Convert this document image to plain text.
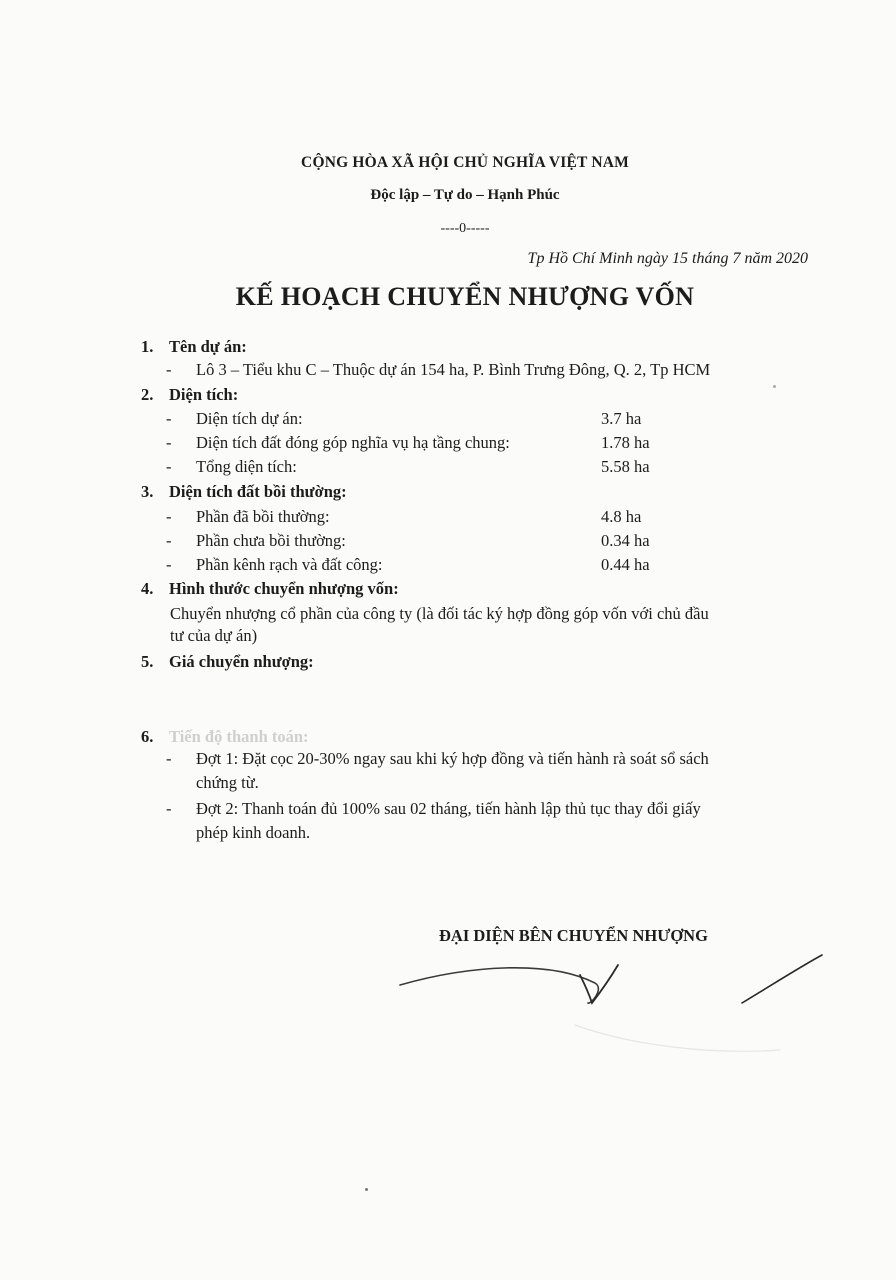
CỘNG HÒA XÃ HỘI CHỦ NGHĨA VIỆT NAM
Độc lập – Tự do – Hạnh Phúc
----0-----
Tp Hồ Chí Minh ngày 15 tháng 7 năm 2020
KẾ HOẠCH CHUYỂN NHƯỢNG VỐN
1. Tên dự án:
- Lô 3 – Tiểu khu C – Thuộc dự án 154 ha, P. Bình Trưng Đông, Q. 2, Tp HCM
2. Diện tích:
- Diện tích dự án:	3.7 ha
- Diện tích đất đóng góp nghĩa vụ hạ tầng chung:	1.78 ha
- Tổng diện tích:	5.58 ha
3. Diện tích đất bồi thường:
- Phần đã bồi thường:	4.8 ha
- Phần chưa bồi thường:	0.34 ha
- Phần kênh rạch và đất công:	0.44 ha
4. Hình thước chuyển nhượng vốn:
Chuyển nhượng cổ phần của công ty (là đối tác ký hợp đồng góp vốn với chủ đầu
tư của dự án)
5. Giá chuyển nhượng:
6. Tiến độ thanh toán:
- Đợt 1: Đặt cọc 20-30% ngay sau khi ký hợp đồng và tiến hành rà soát sổ sách
chứng từ.
- Đợt 2: Thanh toán đủ 100% sau 02 tháng, tiến hành lập thủ tục thay đổi giấy
phép kinh doanh.
ĐẠI DIỆN BÊN CHUYỂN NHƯỢNG
